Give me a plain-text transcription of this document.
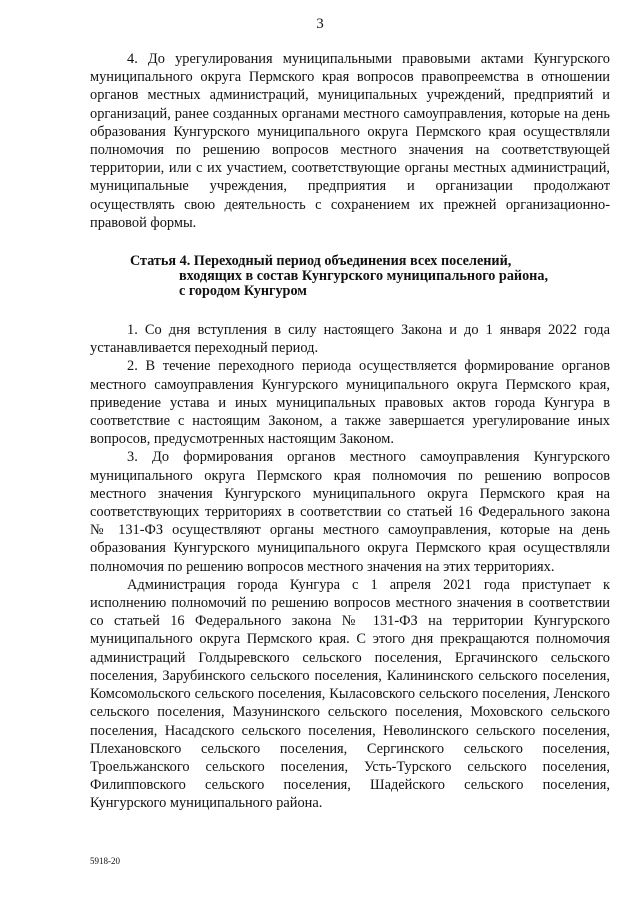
3

4. До урегулирования муниципальными правовыми актами Кунгурского муниципального округа Пермского края вопросов правопреемства в отношении органов местных администраций, муниципальных учреждений, предприятий и организаций, ранее созданных органами местного самоуправления, которые на день образования Кунгурского муниципального округа Пермского края осуществляли полномочия по решению вопросов местного значения на соответствующей территории, или с их участием, соответствующие органы местных администраций, муниципальные учреждения, предприятия и организации продолжают осуществлять свою деятельность с сохранением их прежней организационно-правовой формы.

Статья 4. Переходный период объединения всех поселений,
входящих в состав Кунгурского муниципального района,
с городом Кунгуром

1. Со дня вступления в силу настоящего Закона и до 1 января 2022 года устанавливается переходный период.

2. В течение переходного периода осуществляется формирование органов местного самоуправления Кунгурского муниципального округа Пермского края, приведение устава и иных муниципальных правовых актов города Кунгура в соответствие с настоящим Законом, а также завершается урегулирование иных вопросов, предусмотренных настоящим Законом.

3. До формирования органов местного самоуправления Кунгурского муниципального округа Пермского края полномочия по решению вопросов местного значения Кунгурского муниципального округа Пермского края на соответствующих территориях в соответствии со статьей 16 Федерального закона № 131-ФЗ осуществляют органы местного самоуправления, которые на день образования Кунгурского муниципального округа Пермского края осуществляли полномочия по решению вопросов местного значения на этих территориях.

Администрация города Кунгура с 1 апреля 2021 года приступает к исполнению полномочий по решению вопросов местного значения в соответствии со статьей 16 Федерального закона № 131-ФЗ на территории Кунгурского муниципального округа Пермского края. С этого дня прекращаются полномочия администраций Голдыревского сельского поселения, Ергачинского сельского поселения, Зарубинского сельского поселения, Калининского сельского поселения, Комсомольского сельского поселения, Кыласовского сельского поселения, Ленского сельского поселения, Мазунинского сельского поселения, Моховского сельского поселения, Насадского сельского поселения, Неволинского сельского поселения, Плехановского сельского поселения, Сергинского сельского поселения, Троельжанского сельского поселения, Усть-Турского сельского поселения, Филипповского сельского поселения, Шадейского сельского поселения, Кунгурского муниципального района.

5918-20
